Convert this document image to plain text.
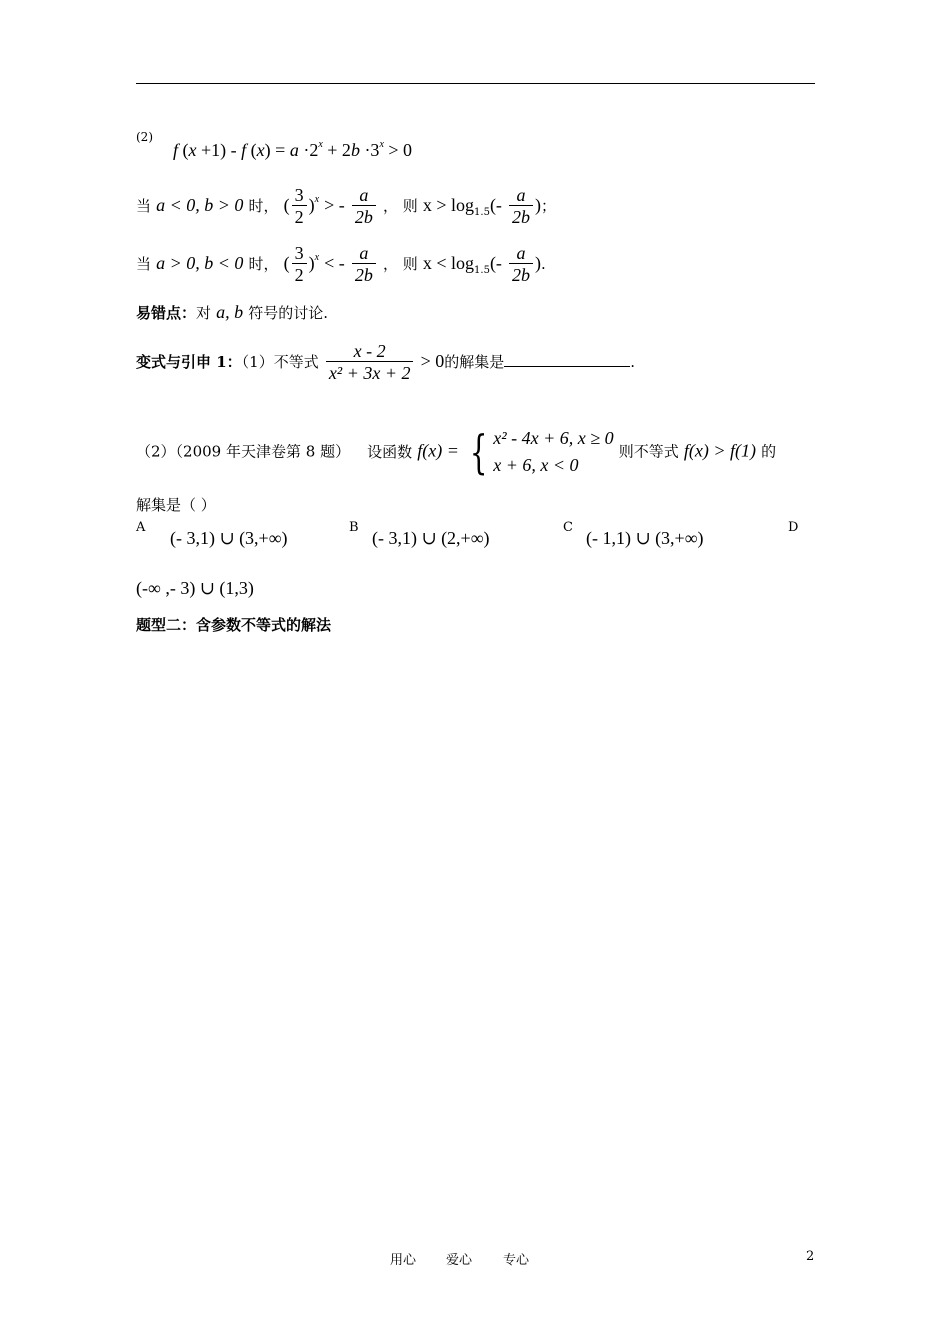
(2)
f (x +1) - f $(x) = a \cdot 2^x + 2b \cdot 3^x > 0$
当 a < 0, b > 0 时， ( $\frac{3}{2} )^x$ > - $\frac{a}{2b}$ ， 则 $x > \log_{1.5}(- \frac{a}{2b}$ )；
当 a > 0, b < 0 时， ( $\frac{3}{2} )^x$ < - $\frac{a}{2b}$ ， 则 $x < \log_{1.5}(- \frac{a}{2b}$ ).
易错点：对 a, b 符号的讨论.
变式与引申 1：（1）不等式 $\frac{x - 2}{\text{x² + 3x + 2}} > 0$的解集是	.
（2）（2009 年天津卷第 8 题） 设函数 f(x) = { x² - 4x + 6, x ≥ 0
x + 6, x < 0
则不等式 f(x) > f(1) 的
解集是（ ）
A
(- 3,1) ∪ (3,+∞)
B
(- 3,1) ∪ (2,+∞)
C
(- 1,1) ∪ (3,+∞)
D
(-∞ ,- 3) ∪ (1,3)
题型二：含参数不等式的解法
用心 爱心 专心	2
